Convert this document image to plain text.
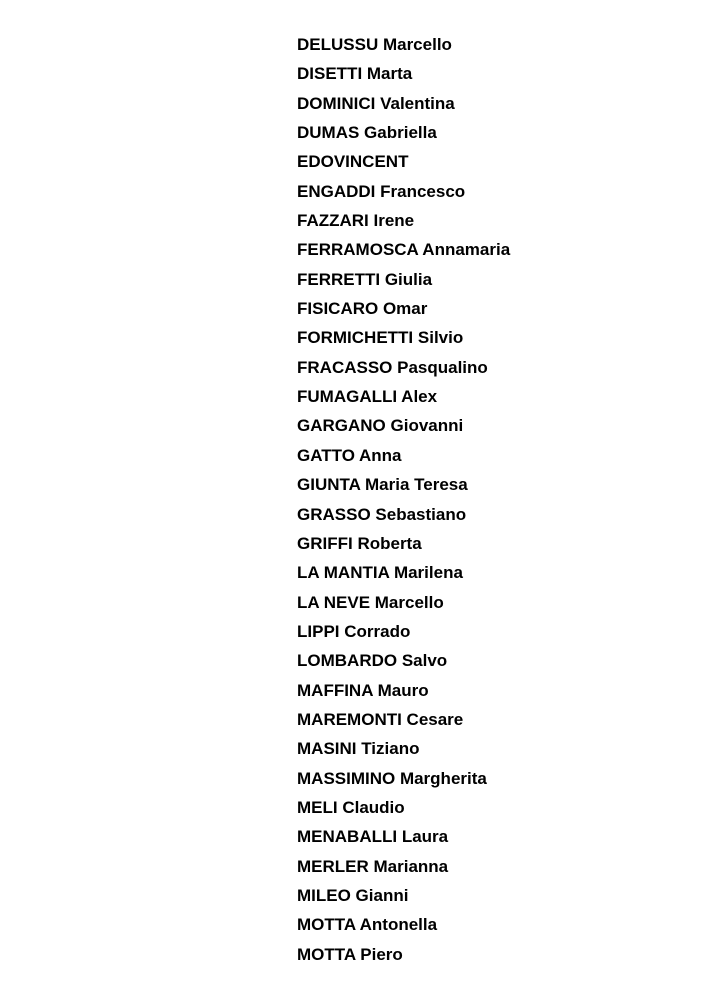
DELUSSU Marcello
DISETTI Marta
DOMINICI Valentina
DUMAS Gabriella
EDOVINCENT
ENGADDI Francesco
FAZZARI Irene
FERRAMOSCA Annamaria
FERRETTI Giulia
FISICARO Omar
FORMICHETTI Silvio
FRACASSO Pasqualino
FUMAGALLI Alex
GARGANO Giovanni
GATTO Anna
GIUNTA Maria Teresa
GRASSO Sebastiano
GRIFFI Roberta
LA MANTIA Marilena
LA NEVE Marcello
LIPPI Corrado
LOMBARDO Salvo
MAFFINA Mauro
MAREMONTI Cesare
MASINI Tiziano
MASSIMINO Margherita
MELI Claudio
MENABALLI Laura
MERLER Marianna
MILEO Gianni
MOTTA Antonella
MOTTA Piero
